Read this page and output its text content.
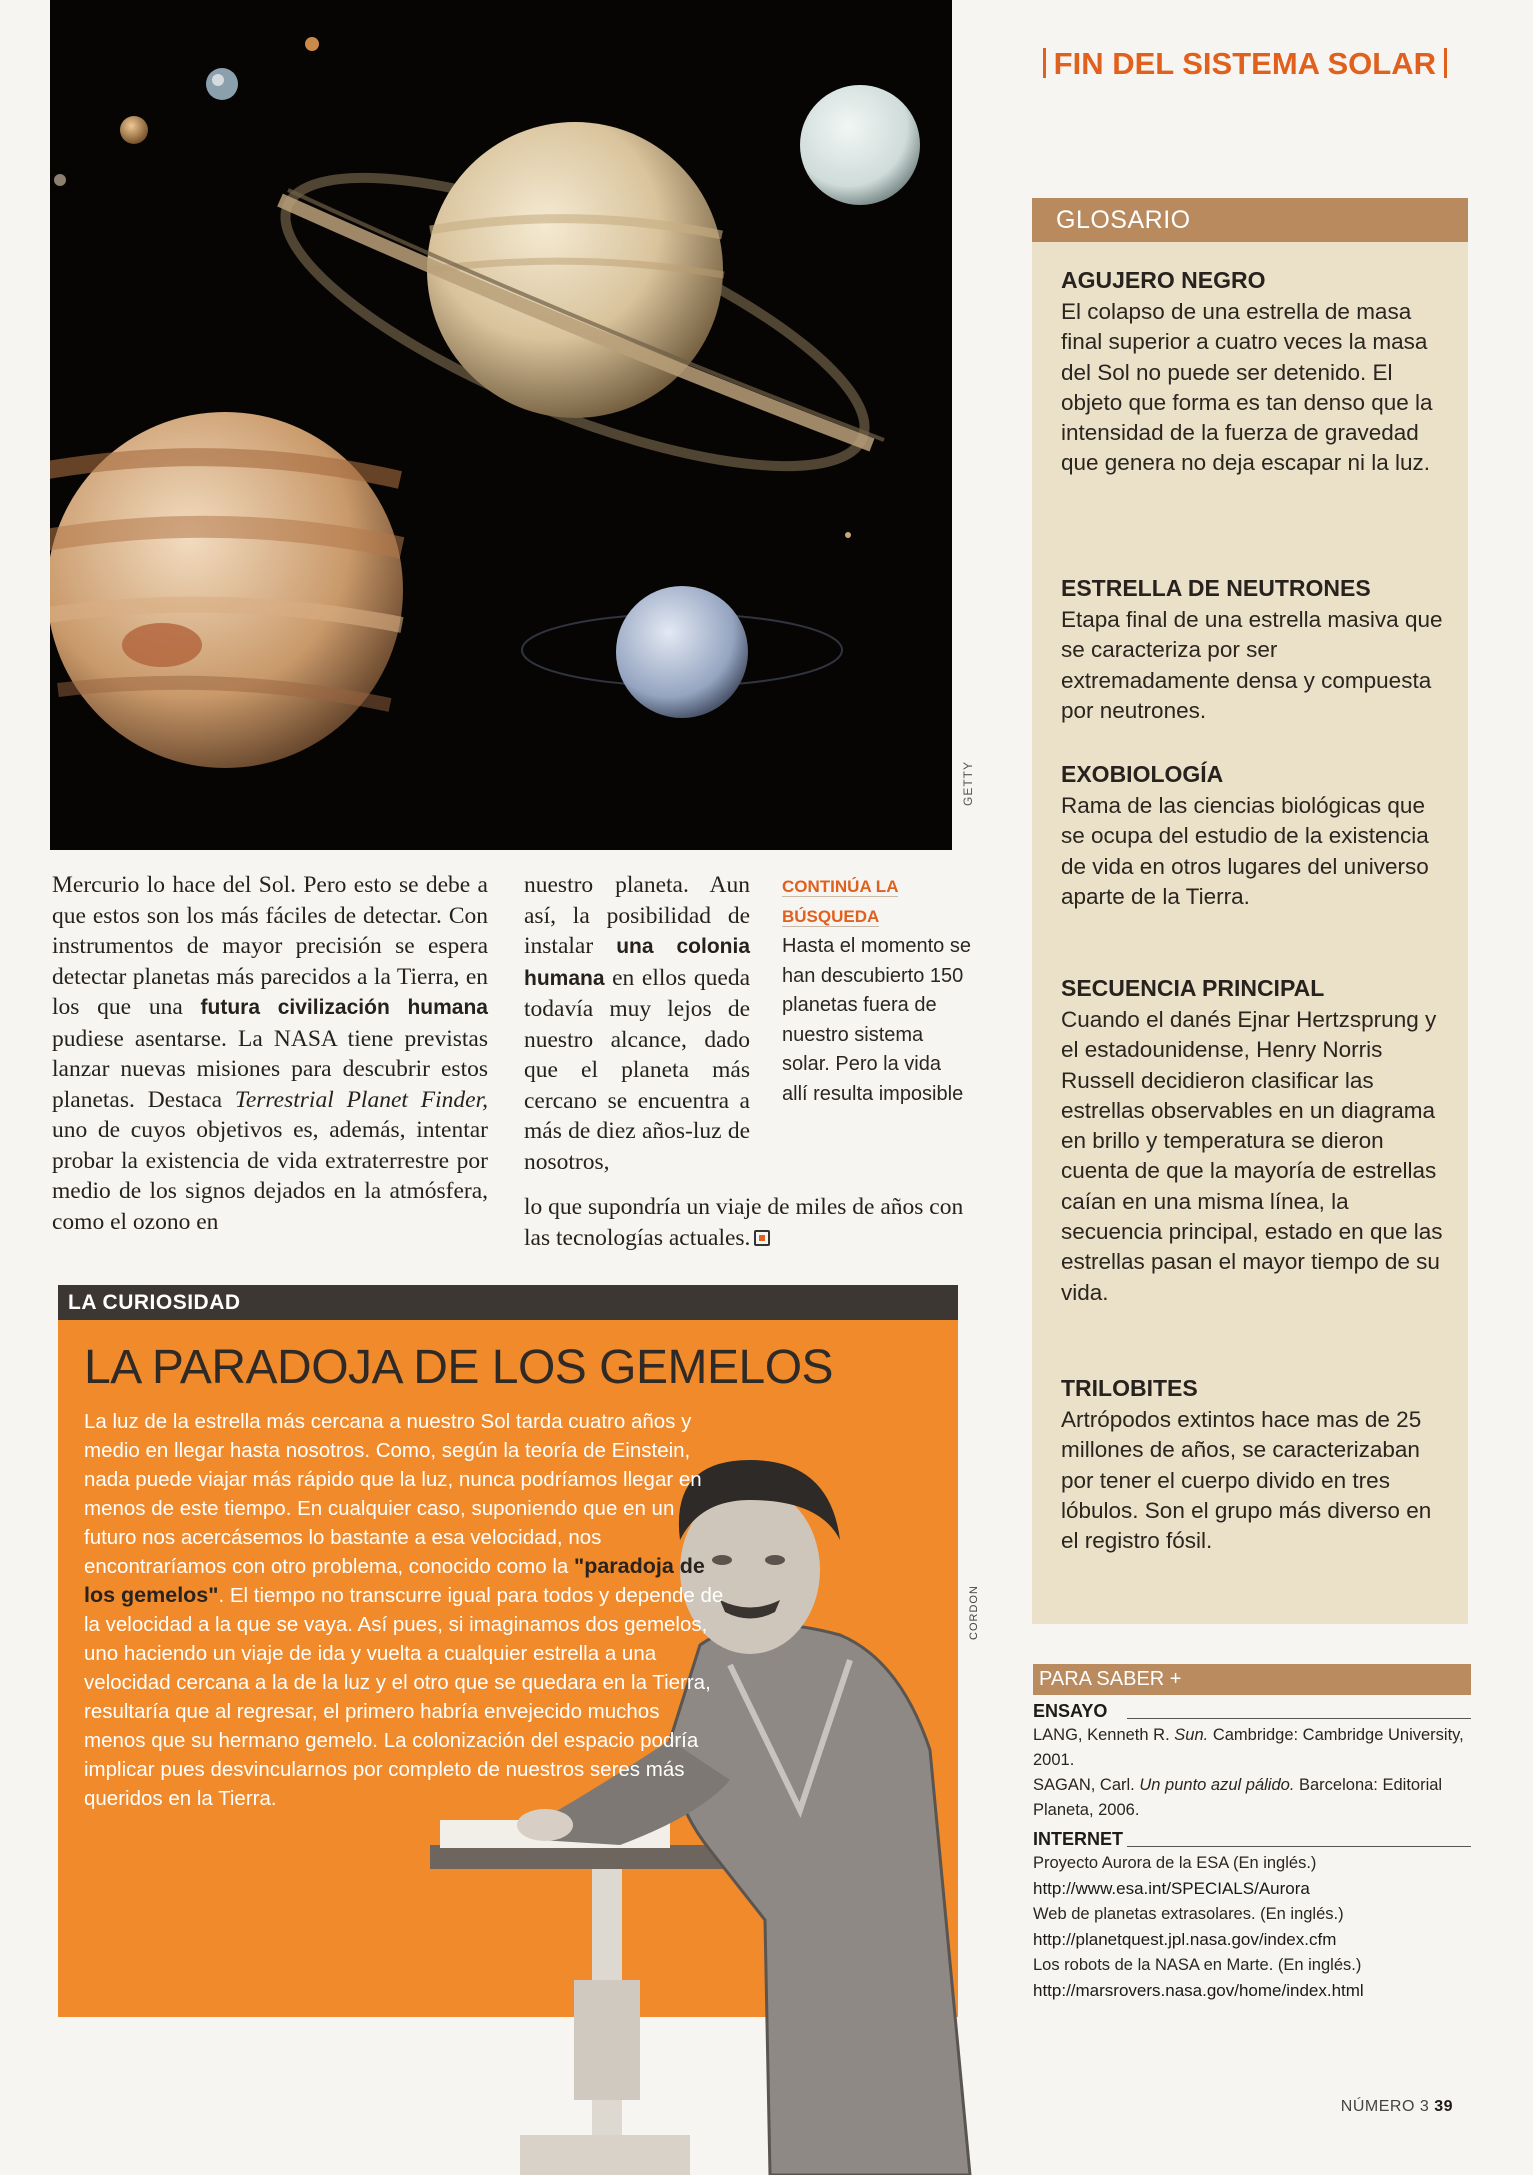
FIN DEL SISTEMA SOLAR
GETTY
Mercurio lo hace del Sol. Pero esto se debe a que estos son los más fáciles de detectar. Con instrumentos de mayor precisión se espera detectar planetas más parecidos a la Tierra, en los que una futura civilización humana pudiese asentarse. La NASA tiene previstas lanzar nuevas misiones para descubrir estos planetas. Destaca Terrestrial Planet Finder, uno de cuyos objetivos es, además, intentar probar la existencia de vida extraterrestre por medio de los signos dejados en la atmósfera, como el ozono en
nuestro planeta. Aun así, la posibilidad de instalar una colonia humana en ellos queda todavía muy lejos de nuestro alcance, dado que el planeta más cercano se encuentra a más de diez años-luz de nosotros,
lo que supondría un viaje de miles de años con las tecnologías actuales.
CONTINÚA LA
BÚSQUEDA
Hasta el momento se han descubierto 150 planetas fuera de nuestro sistema solar. Pero la vida allí resulta imposible
LA CURIOSIDAD
LA PARADOJA DE LOS GEMELOS
La luz de la estrella más cercana a nuestro Sol tarda cuatro años y medio en llegar hasta nosotros. Como, según la teoría de Einstein, nada puede viajar más rápido que la luz, nunca podríamos llegar en menos de este tiempo. En cualquier caso, suponiendo que en un futuro nos acercásemos lo bastante a esa velocidad, nos encontraríamos con otro problema, conocido como la "paradoja de los gemelos". El tiempo no transcurre igual para todos y depende de la velocidad a la que se vaya. Así pues, si imaginamos dos gemelos, uno haciendo un viaje de ida y vuelta a cualquier estrella a una velocidad cercana a la de la luz y el otro que se quedara en la Tierra, resultaría que al regresar, el primero habría envejecido muchos menos que su hermano gemelo. La colonización del espacio podría implicar pues desvincularnos por completo de nuestros seres más queridos en la Tierra.
CORDON
GLOSARIO
AGUJERO NEGRO
El colapso de una estrella de masa final superior a cuatro veces la masa del Sol no puede ser detenido. El objeto que forma es tan denso que la intensidad de la fuerza de gravedad que genera no deja escapar ni la luz.
ESTRELLA DE NEUTRONES
Etapa final de una estrella masiva que se caracteriza por ser extremadamente densa y compuesta por neutrones.
EXOBIOLOGÍA
Rama de las ciencias biológicas que se ocupa del estudio de la existencia de vida en otros lugares del universo aparte de la Tierra.
SECUENCIA PRINCIPAL
Cuando el danés Ejnar Hertzsprung y el estadounidense, Henry Norris Russell decidieron clasificar las estrellas observables en un diagrama en brillo y temperatura se dieron cuenta de que la mayoría de estrellas caían en una misma línea, la secuencia principal, estado en que las estrellas pasan el mayor tiempo de su vida.
TRILOBITES
Artrópodos extintos hace mas de 25 millones de años, se caracterizaban por tener el cuerpo divido en tres lóbulos. Son el grupo más diverso en el registro fósil.
PARA SABER +
ENSAYO
LANG, Kenneth R. Sun. Cambridge: Cambridge University, 2001.
SAGAN, Carl. Un punto azul pálido. Barcelona: Editorial Planeta, 2006.
INTERNET
Proyecto Aurora de la ESA (En inglés.)
http://www.esa.int/SPECIALS/Aurora
Web de planetas extrasolares. (En inglés.)
http://planetquest.jpl.nasa.gov/index.cfm
Los robots de la NASA en Marte. (En inglés.)
http://marsrovers.nasa.gov/home/index.html
NÚMERO 3 39
